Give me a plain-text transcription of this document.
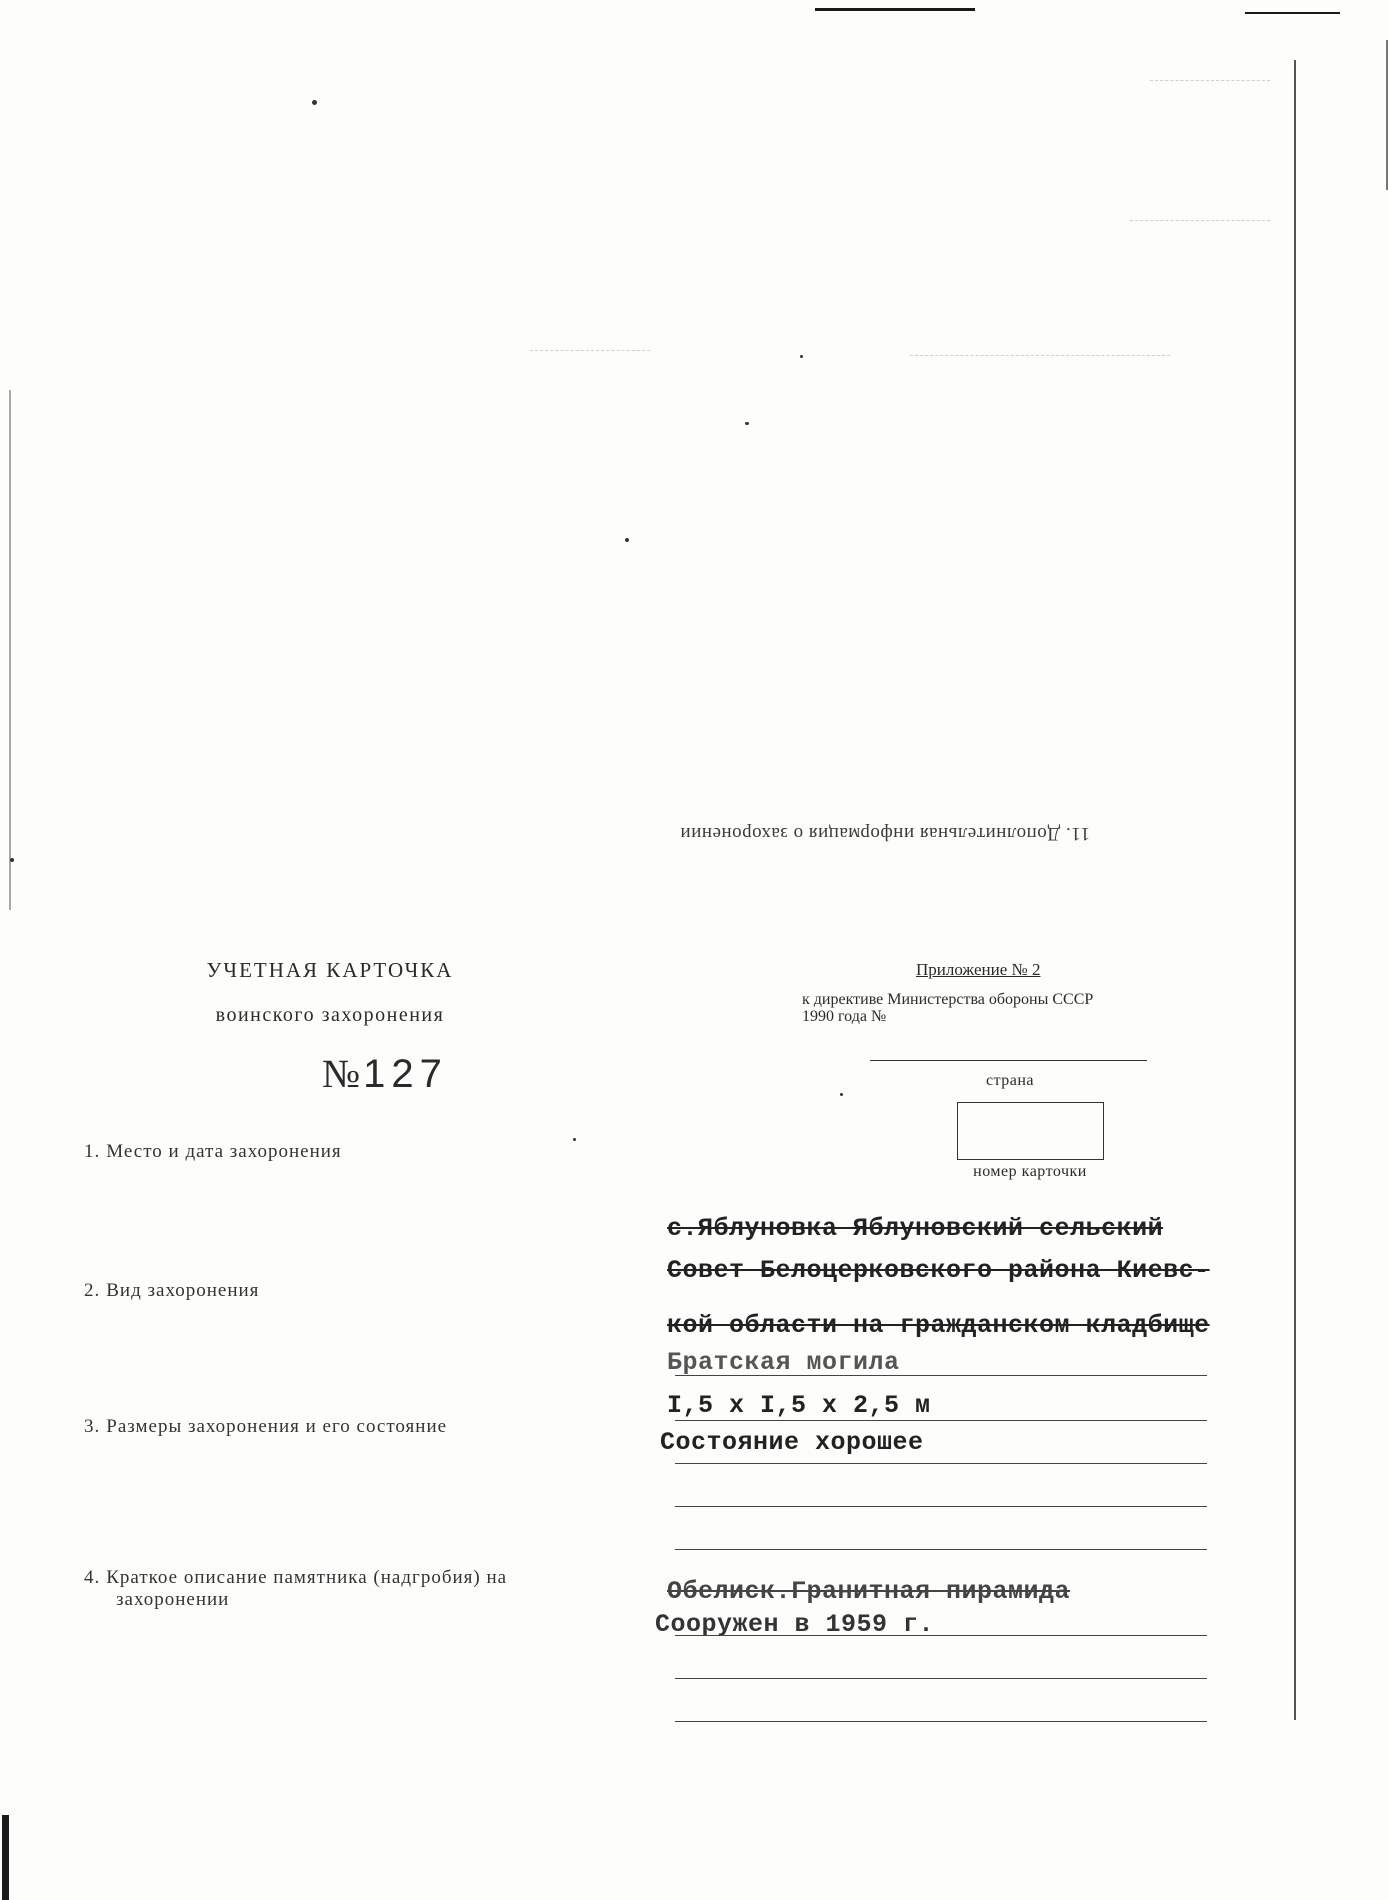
11. Дополнительная информация о захоронении
УЧЕТНАЯ КАРТОЧКА
воинского захоронения
№ 127
Приложение № 2
к директиве Министерства обороны СССР
1990 года №
страна
номер карточки
1. Место и дата захоронения
2. Вид захоронения
3. Размеры захоронения и его состояние
4. Краткое описание памятника (надгробия) на
захоронении
с.Яблуновка Яблуновский сельский
Совет Белоцерковского района Киевс-
кой области на гражданском кладбище
Братская могила
I,5 х I,5 х 2,5 м
Состояние хорошее
Обелиск.Гранитная пирамида
Сооружен в 1959 г.
